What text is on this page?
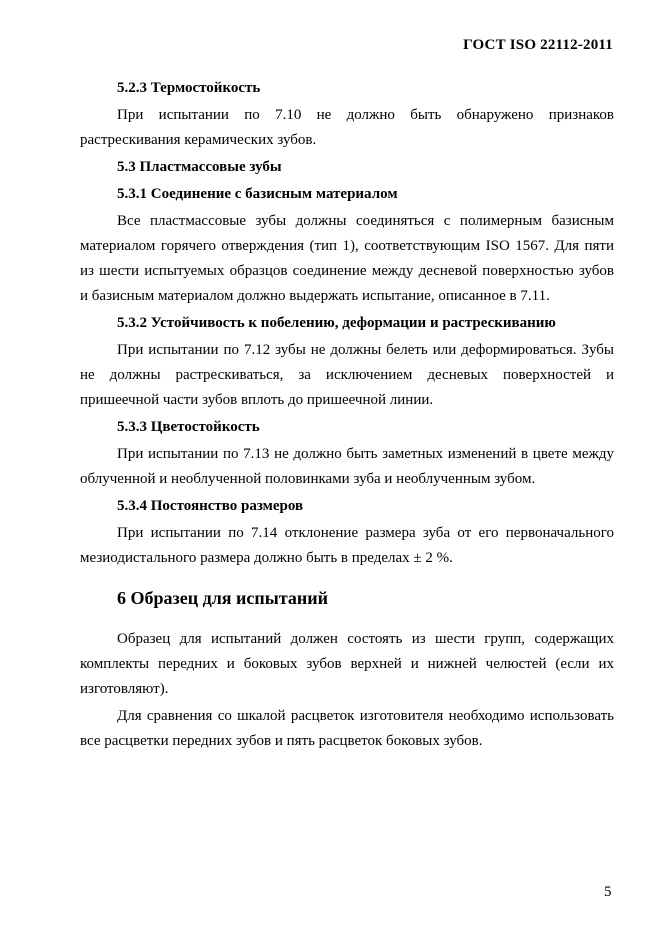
ГОСТ ISO 22112-2011

5.2.3 Термостойкость

При испытании по 7.10 не должно быть обнаружено признаков растрескивания керамических зубов.

5.3 Пластмассовые зубы

5.3.1 Соединение с базисным материалом

Все пластмассовые зубы должны соединяться с полимерным базисным материалом горячего отверждения (тип 1), соответствующим ISO 1567. Для пяти из шести испытуемых образцов соединение между десневой поверхностью зубов и базисным материалом должно выдержать испытание, описанное в 7.11.

5.3.2 Устойчивость к побелению, деформации и растрескиванию

При испытании по 7.12 зубы не должны белеть или деформироваться. Зубы не должны растрескиваться, за исключением десневых поверхностей и пришеечной части зубов вплоть до пришеечной линии.

5.3.3 Цветостойкость

При испытании по 7.13 не должно быть заметных изменений в цвете между облученной и необлученной половинками зуба и необлученным зубом.

5.3.4 Постоянство размеров

При испытании по 7.14 отклонение размера зуба от его первоначального мезиодистального размера должно быть в пределах ± 2 %.

6 Образец для испытаний

Образец для испытаний должен состоять из шести групп, содержащих комплекты передних и боковых зубов верхней и нижней челюстей (если их изготовляют).

Для сравнения со шкалой расцветок изготовителя необходимо использовать все расцветки передних зубов и пять расцветок боковых зубов.

5
